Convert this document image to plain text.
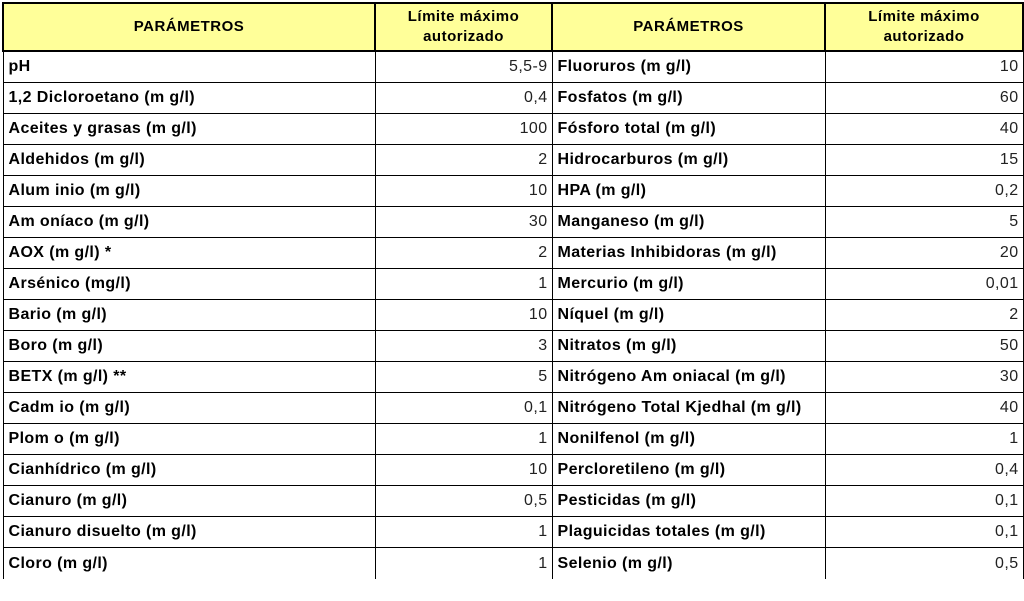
PARÁMETROS	Límite máximo autorizado	PARÁMETROS	Límite máximo autorizado
pH	5,5-9	Fluoruros (m g/l)	10
1,2 Dicloroetano (m g/l)	0,4	Fosfatos (m g/l)	60
Aceites y grasas (m g/l)	100	Fósforo total (m g/l)	40
Aldehidos (m g/l)	2	Hidrocarburos (m g/l)	15
Alum inio (m g/l)	10	HPA (m g/l)	0,2
Am oníaco (m g/l)	30	Manganeso (m g/l)	5
AOX (m g/l) *	2	Materias Inhibidoras (m g/l)	20
Arsénico (mg/l)	1	Mercurio (m g/l)	0,01
Bario (m g/l)	10	Níquel (m g/l)	2
Boro (m g/l)	3	Nitratos (m g/l)	50
BETX (m g/l) **	5	Nitrógeno Am oniacal (m g/l)	30
Cadm io (m g/l)	0,1	Nitrógeno Total Kjedhal (m g/l)	40
Plom o (m g/l)	1	Nonilfenol (m g/l)	1
Cianhídrico (m g/l)	10	Percloretileno (m g/l)	0,4
Cianuro (m g/l)	0,5	Pesticidas (m g/l)	0,1
Cianuro disuelto (m g/l)	1	Plaguicidas totales (m g/l)	0,1
Cloro (m g/l)	1	Selenio (m g/l)	0,5
